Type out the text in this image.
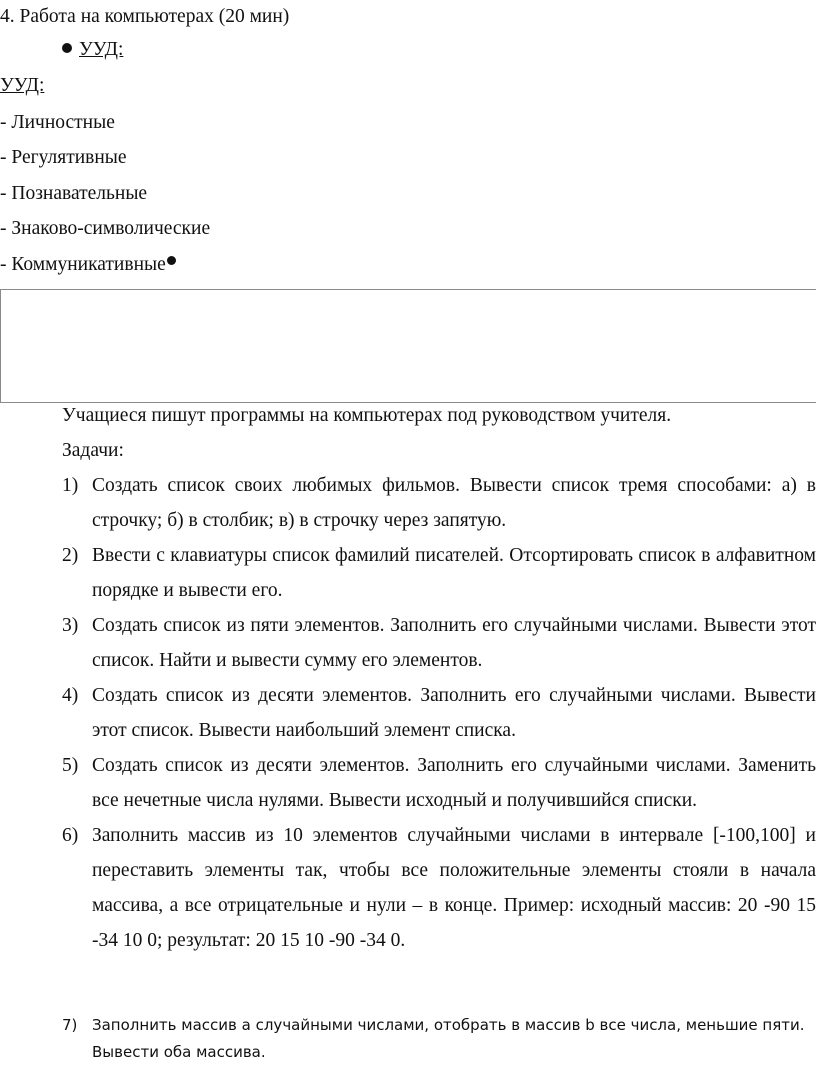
4. Работа на компьютерах (20 мин)
УУД:
УУД:
- Личностные
- Регулятивные
- Познавательные
- Знаково-символические
- Коммуникативные

Учащиеся пишут программы на компьютерах под руководством учителя.

Задачи:

1) Создать список своих любимых фильмов. Вывести список тремя способами: а) в строчку; б) в столбик; в) в строчку через запятую.
2) Ввести с клавиатуры список фамилий писателей. Отсортировать список в алфавитном порядке и вывести его.
3) Создать список из пяти элементов. Заполнить его случайными числами. Вывести этот список. Найти и вывести сумму его элементов.
4) Создать список из десяти элементов. Заполнить его случайными числами. Вывести этот список. Вывести наибольший элемент списка.
5) Создать список из десяти элементов. Заполнить его случайными числами. Заменить все нечетные числа нулями. Вывести исходный и получившийся списки.
6) Заполнить массив из 10 элементов случайными числами в интервале [-100,100] и переставить элементы так, чтобы все положительные элементы стояли в начала массива, а все отрицательные и нули – в конце. Пример: исходный массив: 20 -90 15 -34 10 0; результат: 20 15 10 -90 -34 0.
7) Заполнить массив а случайными числами, отобрать в массив b все числа, меньшие пяти. Вывести оба массива.
